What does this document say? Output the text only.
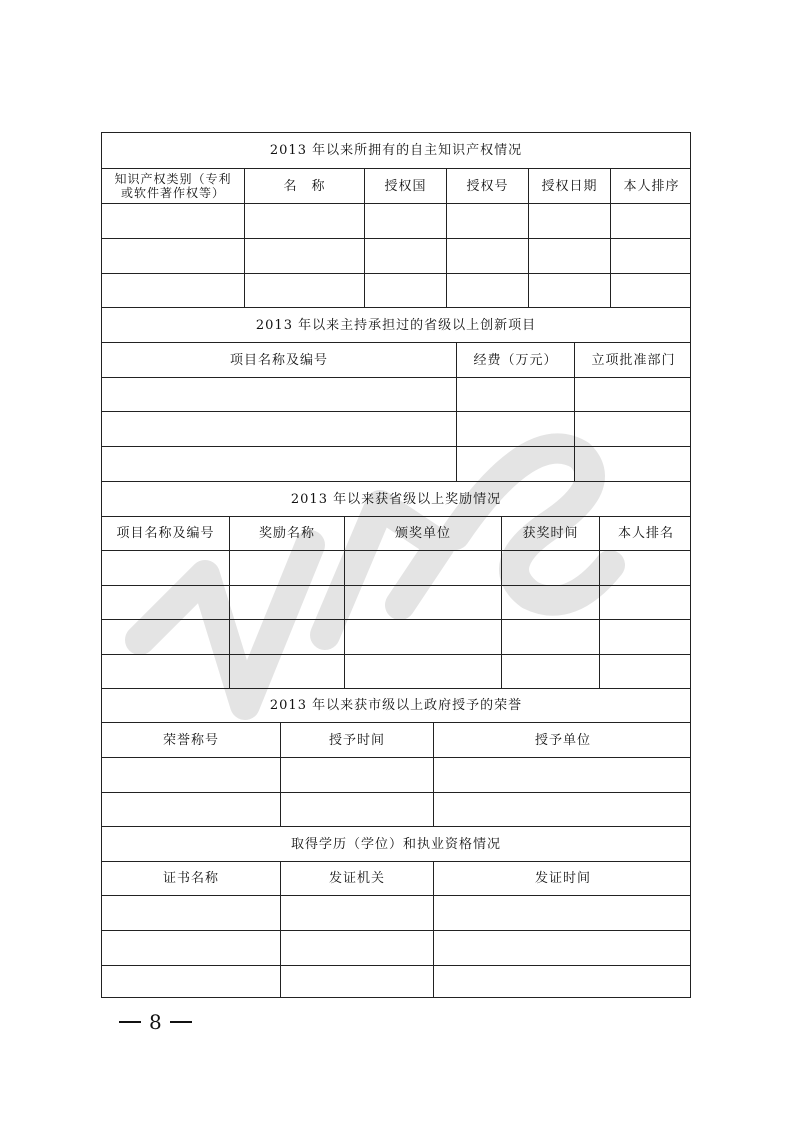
2013 年以来所拥有的自主知识产权情况
知识产权类别（专利
或软件著作权等）	名　称	授权国	授权号	授权日期	本人排序
2013 年以来主持承担过的省级以上创新项目
项目名称及编号	经费（万元）	立项批准部门
2013 年以来获省级以上奖励情况
项目名称及编号	奖励名称	颁奖单位	获奖时间	本人排名
2013 年以来获市级以上政府授予的荣誉
荣誉称号	授予时间	授予单位
取得学历（学位）和执业资格情况
证书名称	发证机关	发证时间
8
